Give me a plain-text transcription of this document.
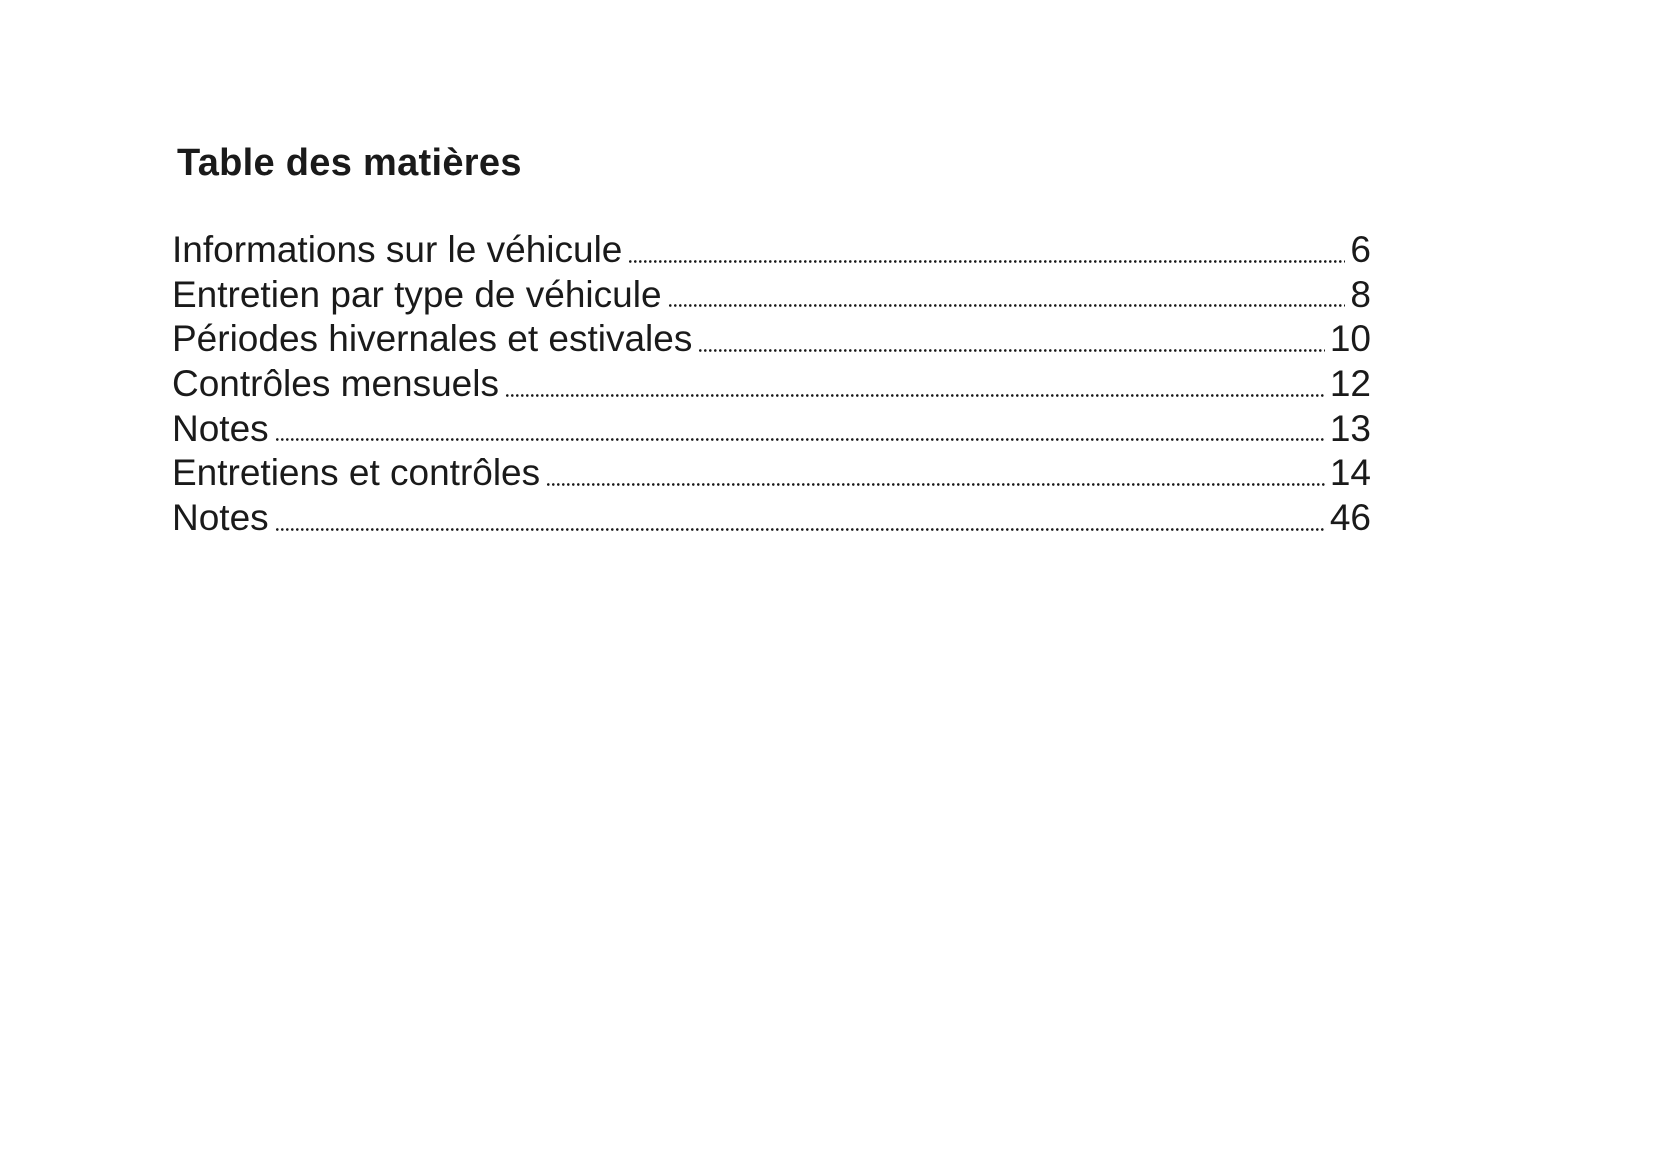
Table des matières
Informations sur le véhicule	6
Entretien par type de véhicule	8
Périodes hivernales et estivales	10
Contrôles mensuels	12
Notes	13
Entretiens et contrôles	14
Notes	46
